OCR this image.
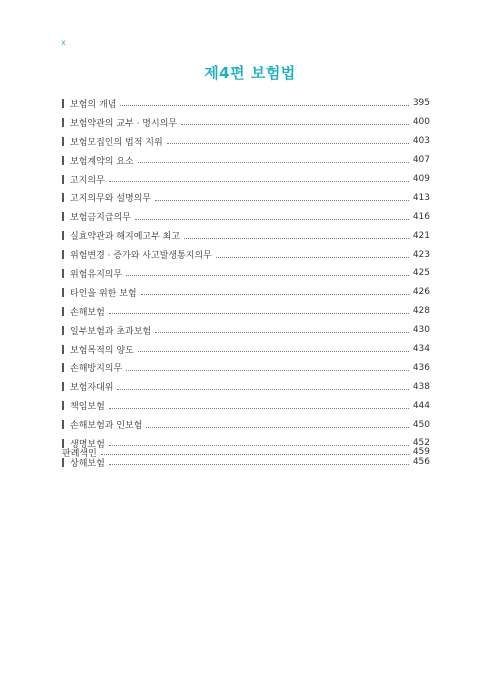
x
제4편 보험법
보험의 개념	395
보험약관의 교부 · 명시의무	400
보험모집인의 법적 지위	403
보험계약의 요소	407
고지의무	409
고지의무와 설명의무	413
보험금지급의무	416
실효약관과 해지예고부 최고	421
위험변경 · 증가와 사고발생통지의무	423
위험유지의무	425
타인을 위한 보험	426
손해보험	428
일부보험과 초과보험	430
보험목적의 양도	434
손해방지의무	436
보험자대위	438
책임보험	444
손해보험과 인보험	450
생명보험	452
상해보험	456
판례색인	459
